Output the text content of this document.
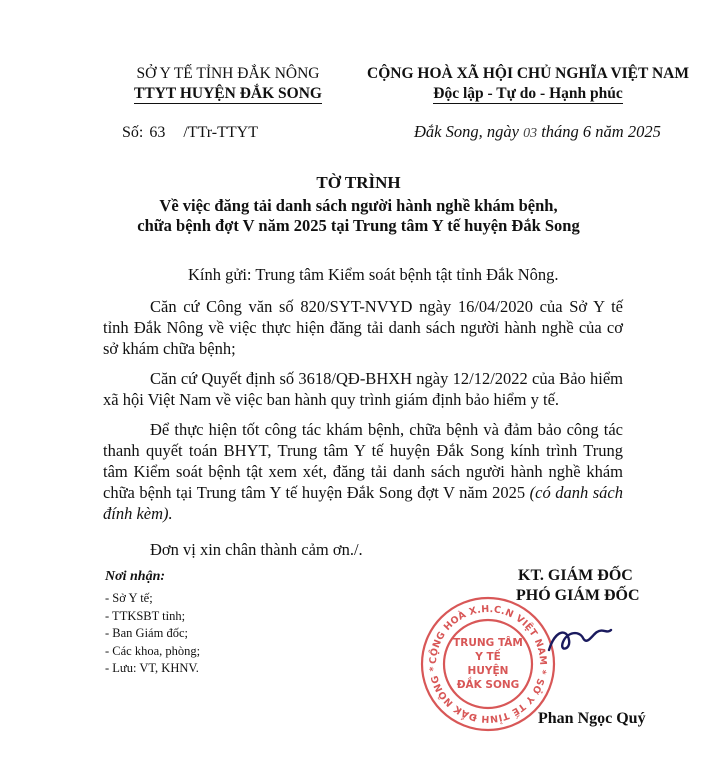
SỞ Y TẾ TỈNH ĐẮK NÔNG
TTYT HUYỆN ĐẮK SONG
CỘNG HOÀ XÃ HỘI CHỦ NGHĨA VIỆT NAM
Độc lập - Tự do - Hạnh phúc
Số: 63 /TTr-TTYT	Đắk Song, ngày 03 tháng 6 năm 2025
TỜ TRÌNH
Về việc đăng tải danh sách người hành nghề khám bệnh,
chữa bệnh đợt V năm 2025 tại Trung tâm Y tế huyện Đắk Song
Kính gửi: Trung tâm Kiểm soát bệnh tật tỉnh Đắk Nông.
Căn cứ Công văn số 820/SYT-NVYD ngày 16/04/2020 của Sở Y tế tỉnh Đắk Nông về việc thực hiện đăng tải danh sách người hành nghề của cơ sở khám chữa bệnh;
Căn cứ Quyết định số 3618/QĐ-BHXH ngày 12/12/2022 của Bảo hiểm xã hội Việt Nam về việc ban hành quy trình giám định bảo hiểm y tế.
Để thực hiện tốt công tác khám bệnh, chữa bệnh và đảm bảo công tác thanh quyết toán BHYT, Trung tâm Y tế huyện Đắk Song kính trình Trung tâm Kiểm soát bệnh tật xem xét, đăng tải danh sách người hành nghề khám chữa bệnh tại Trung tâm Y tế huyện Đắk Song đợt V năm 2025 (có danh sách đính kèm).
Đơn vị xin chân thành cảm ơn./.
Nơi nhận:
- Sở Y tế;
- TTKSBT tỉnh;
- Ban Giám đốc;
- Các khoa, phòng;
- Lưu: VT, KHNV.
KT. GIÁM ĐỐC
PHÓ GIÁM ĐỐC
CỘNG HOÀ X.H.C.N VIỆT NAM * SỞ Y TẾ TỈNH ĐẮK NÔNG *
TRUNG TÂM
Y TẾ
HUYỆN
ĐẮK SONG
Phan Ngọc Quý
